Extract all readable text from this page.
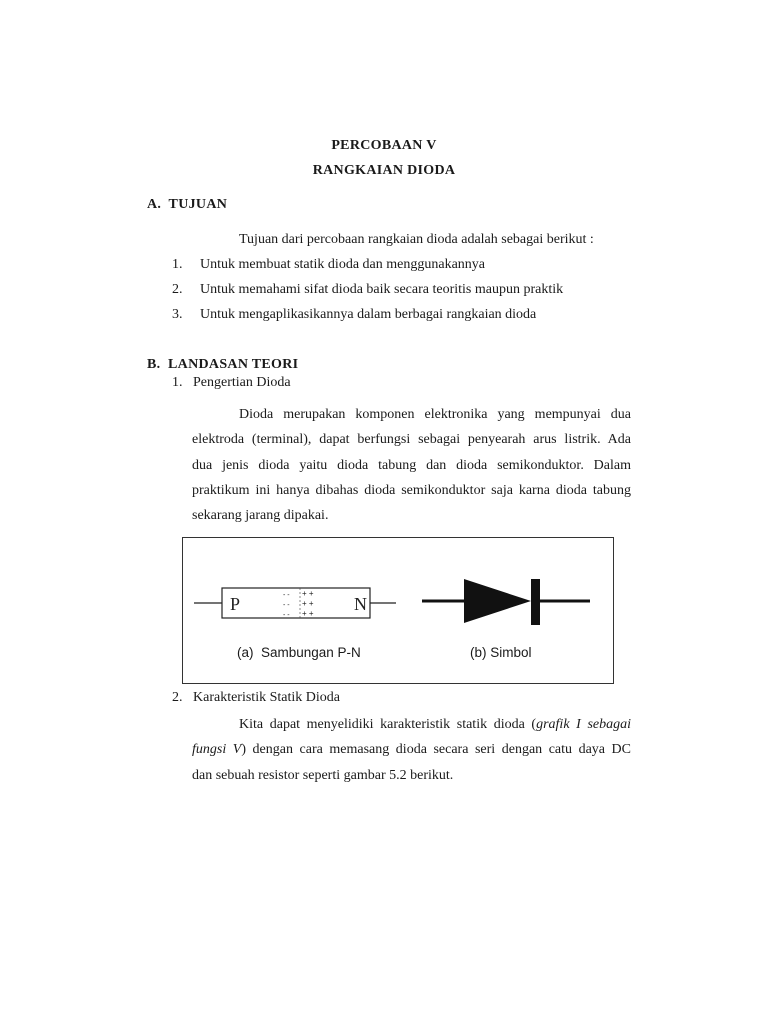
PERCOBAAN V
RANGKAIAN DIODA
A.  TUJUAN
Tujuan dari percobaan rangkaian dioda adalah sebagai berikut :
1. Untuk membuat statik dioda dan menggunakannya
2. Untuk memahami sifat dioda baik secara teoritis maupun praktik
3. Untuk mengaplikasikannya dalam berbagai rangkaian dioda
B.  LANDASAN TEORI
1. Pengertian Dioda
Dioda merupakan komponen elektronika yang mempunyai dua
elektroda (terminal), dapat berfungsi sebagai penyearah arus listrik. Ada
dua jenis dioda yaitu dioda tabung dan dioda semikonduktor. Dalam
praktikum ini hanya dibahas dioda semikonduktor saja karna dioda tabung
sekarang jarang dipakai.
P	N
- -
- -
- -
+ +
+ +
+ +
(a)  Sambungan P-N	(b) Simbol
2. Karakteristik Statik Dioda
Kita dapat menyelidiki karakteristik statik dioda (grafik I sebagai
fungsi V) dengan cara memasang dioda secara seri dengan catu daya DC
dan sebuah resistor seperti gambar 5.2 berikut.
